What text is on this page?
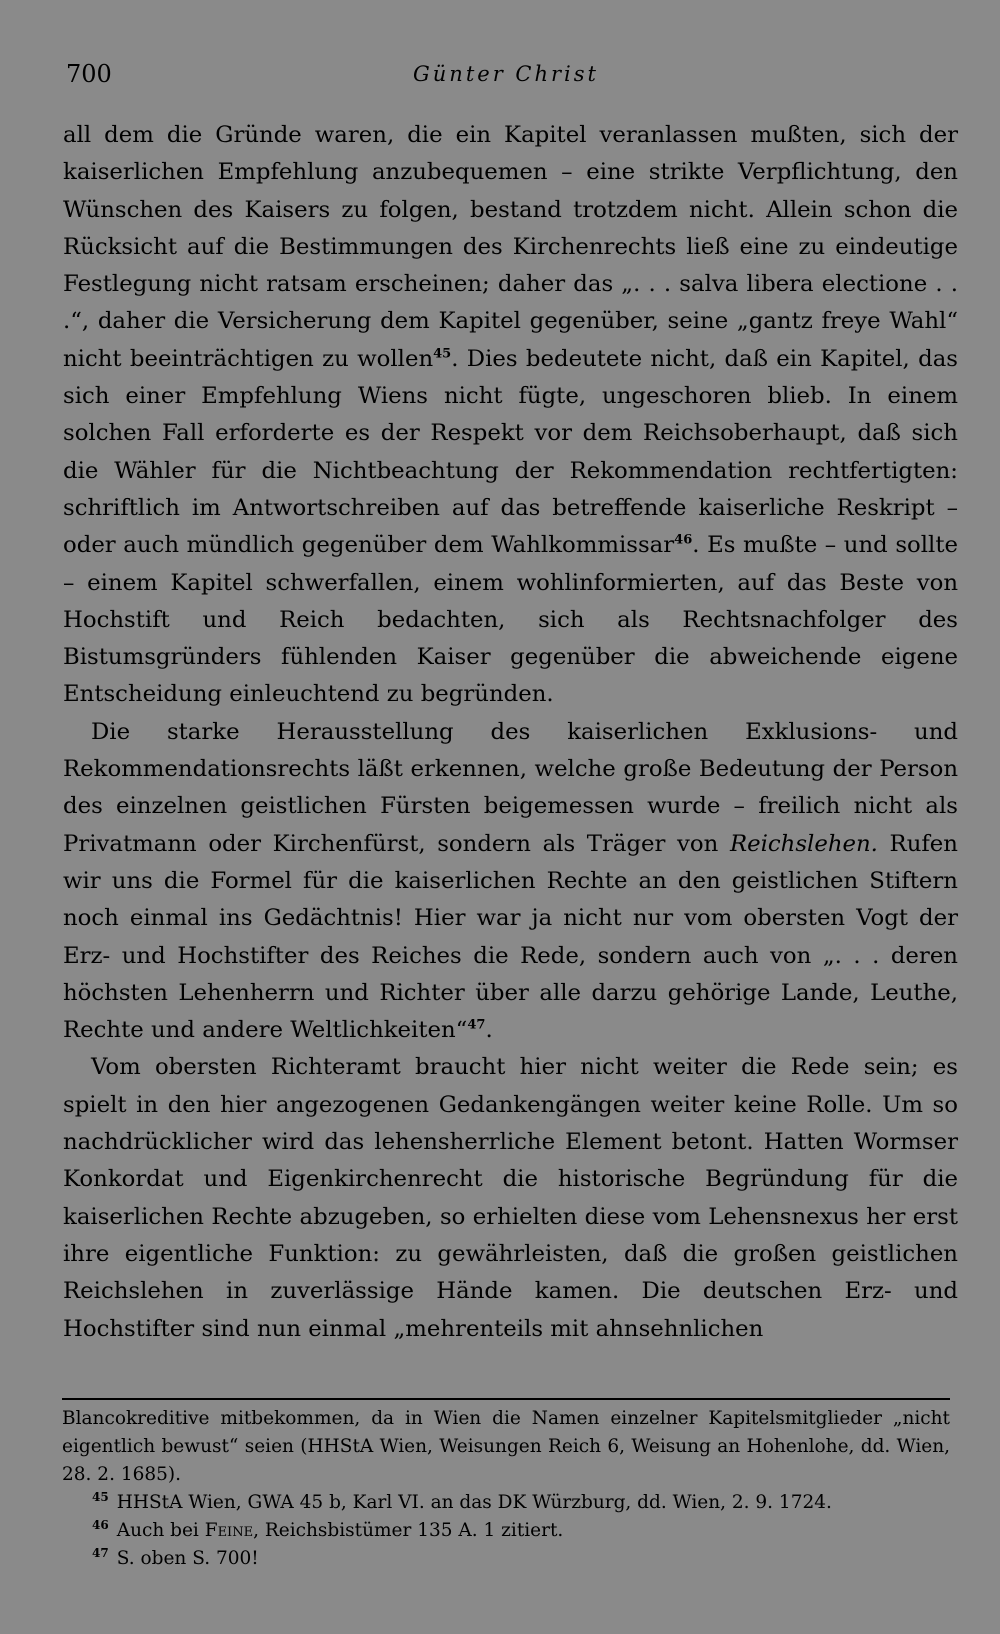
700	Günter Christ

all dem die Gründe waren, die ein Kapitel veranlassen mußten, sich der kaiserlichen Empfehlung anzubequemen – eine strikte Verpflichtung, den Wünschen des Kaisers zu folgen, bestand trotzdem nicht. Allein schon die Rücksicht auf die Bestimmungen des Kirchenrechts ließ eine zu eindeutige Festlegung nicht ratsam erscheinen; daher das „. . . salva libera electione . . .“, daher die Versicherung dem Kapitel gegenüber, seine „gantz freye Wahl“ nicht beeinträchtigen zu wollen$^{45}$. Dies bedeutete nicht, daß ein Kapitel, das sich einer Empfehlung Wiens nicht fügte, ungeschoren blieb. In einem solchen Fall erforderte es der Respekt vor dem Reichsoberhaupt, daß sich die Wähler für die Nichtbeachtung der Rekommendation rechtfertigten: schriftlich im Antwortschreiben auf das betreffende kaiserliche Reskript – oder auch mündlich gegenüber dem Wahlkommissar$^{46}$. Es mußte – und sollte – einem Kapitel schwerfallen, einem wohlinformierten, auf das Beste von Hochstift und Reich bedachten, sich als Rechtsnachfolger des Bistumsgründers fühlenden Kaiser gegenüber die abweichende eigene Entscheidung einleuchtend zu begründen.

Die starke Herausstellung des kaiserlichen Exklusions- und Rekommendationsrechts läßt erkennen, welche große Bedeutung der Person des einzelnen geistlichen Fürsten beigemessen wurde – freilich nicht als Privatmann oder Kirchenfürst, sondern als Träger von Reichslehen. Rufen wir uns die Formel für die kaiserlichen Rechte an den geistlichen Stiftern noch einmal ins Gedächtnis! Hier war ja nicht nur vom obersten Vogt der Erz- und Hochstifter des Reiches die Rede, sondern auch von „. . . deren höchsten Lehenherrn und Richter über alle darzu gehörige Lande, Leuthe, Rechte und andere Weltlichkeiten“$^{47}$.

Vom obersten Richteramt braucht hier nicht weiter die Rede sein; es spielt in den hier angezogenen Gedankengängen weiter keine Rolle. Um so nachdrücklicher wird das lehensherrliche Element betont. Hatten Wormser Konkordat und Eigenkirchenrecht die historische Begründung für die kaiserlichen Rechte abzugeben, so erhielten diese vom Lehensnexus her erst ihre eigentliche Funktion: zu gewährleisten, daß die großen geistlichen Reichslehen in zuverlässige Hände kamen. Die deutschen Erz- und Hochstifter sind nun einmal „mehrenteils mit ahnsehnlichen

Blancokreditive mitbekommen, da in Wien die Namen einzelner Kapitelsmitglieder „nicht eigentlich bewust“ seien (HHStA Wien, Weisungen Reich 6, Weisung an Hohenlohe, dd. Wien, 28. 2. 1685).

$^{45}$ HHStA Wien, GWA 45 b, Karl VI. an das DK Würzburg, dd. Wien, 2. 9. 1724.

$^{46}$ Auch bei Feine, Reichsbistümer 135 A. 1 zitiert.

$^{47}$ S. oben S. 700!
